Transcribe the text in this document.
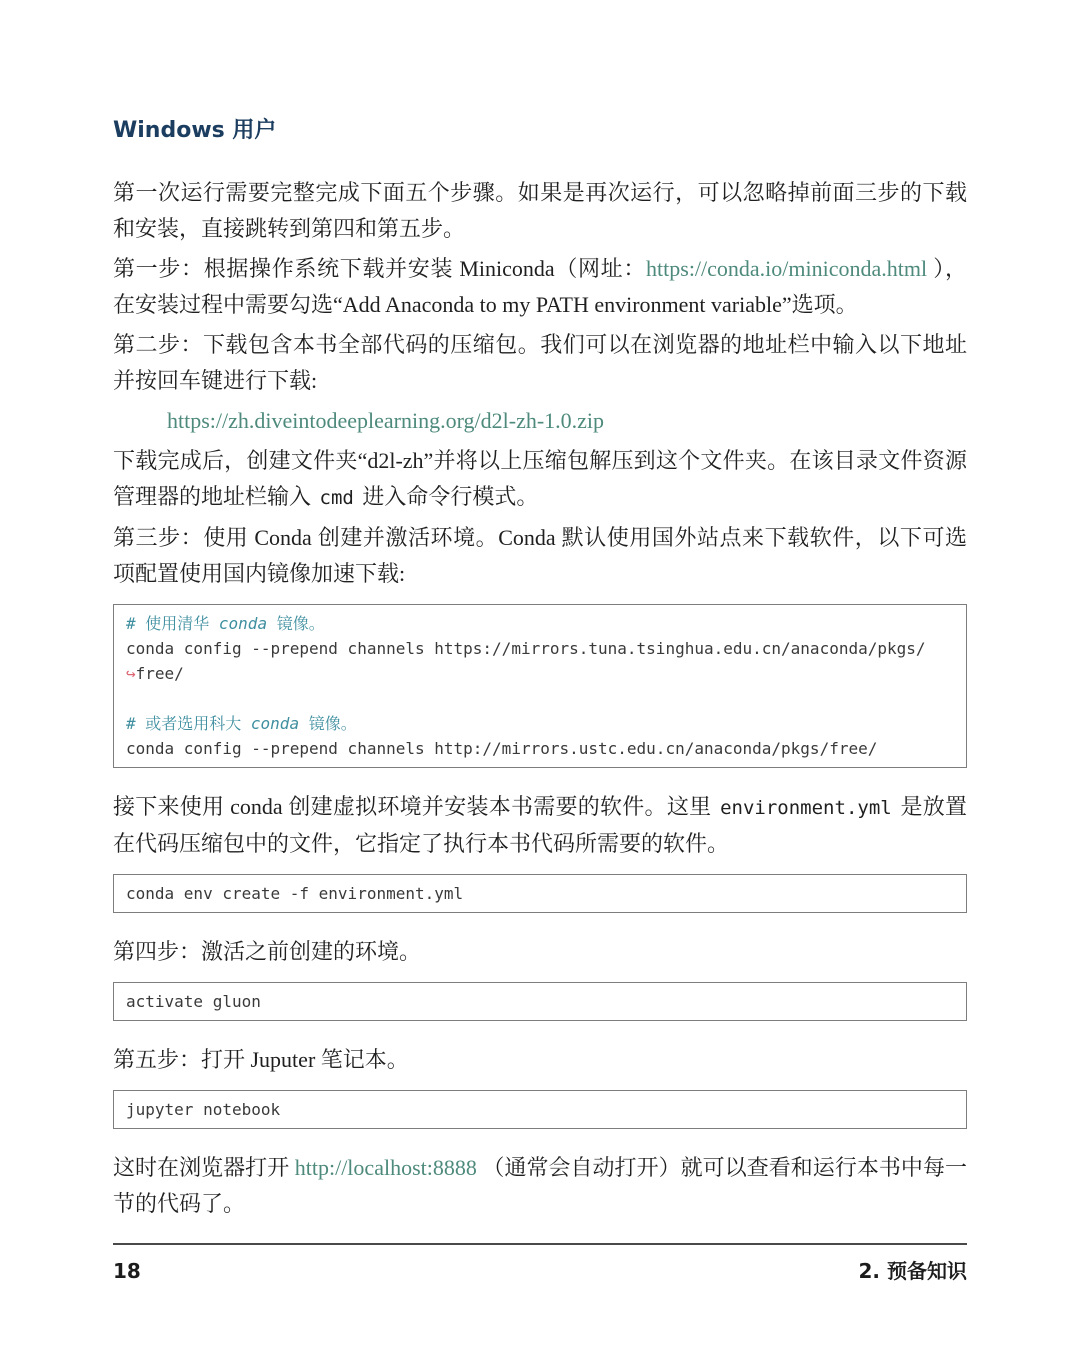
Windows 用户

第一次运行需要完整完成下面五个步骤。如果是再次运行，可以忽略掉前面三步的下载和安装，直接跳转到第四和第五步。

第一步：根据操作系统下载并安装 Miniconda（网址：https://conda.io/miniconda.html ），在安装过程中需要勾选“Add Anaconda to my PATH environment variable”选项。

第二步：下载包含本书全部代码的压缩包。我们可以在浏览器的地址栏中输入以下地址并按回车键进行下载:

https://zh.diveintodeeplearning.org/d2l-zh-1.0.zip

下载完成后，创建文件夹“d2l-zh”并将以上压缩包解压到这个文件夹。在该目录文件资源管理器的地址栏输入 cmd 进入命令行模式。

第三步：使用 Conda 创建并激活环境。Conda 默认使用国外站点来下载软件，以下可选项配置使用国内镜像加速下载:

# 使用清华 conda 镜像。
conda config --prepend channels https://mirrors.tuna.tsinghua.edu.cn/anaconda/pkgs/
↪free/
# 或者选用科大 conda 镜像。
conda config --prepend channels http://mirrors.ustc.edu.cn/anaconda/pkgs/free/

接下来使用 conda 创建虚拟环境并安装本书需要的软件。这里 environment.yml 是放置在代码压缩包中的文件，它指定了执行本书代码所需要的软件。

conda env create -f environment.yml

第四步：激活之前创建的环境。

activate gluon

第五步：打开 Juputer 笔记本。

jupyter notebook

这时在浏览器打开 http://localhost:8888 （通常会自动打开）就可以查看和运行本书中每一节的代码了。

18	2. 预备知识
